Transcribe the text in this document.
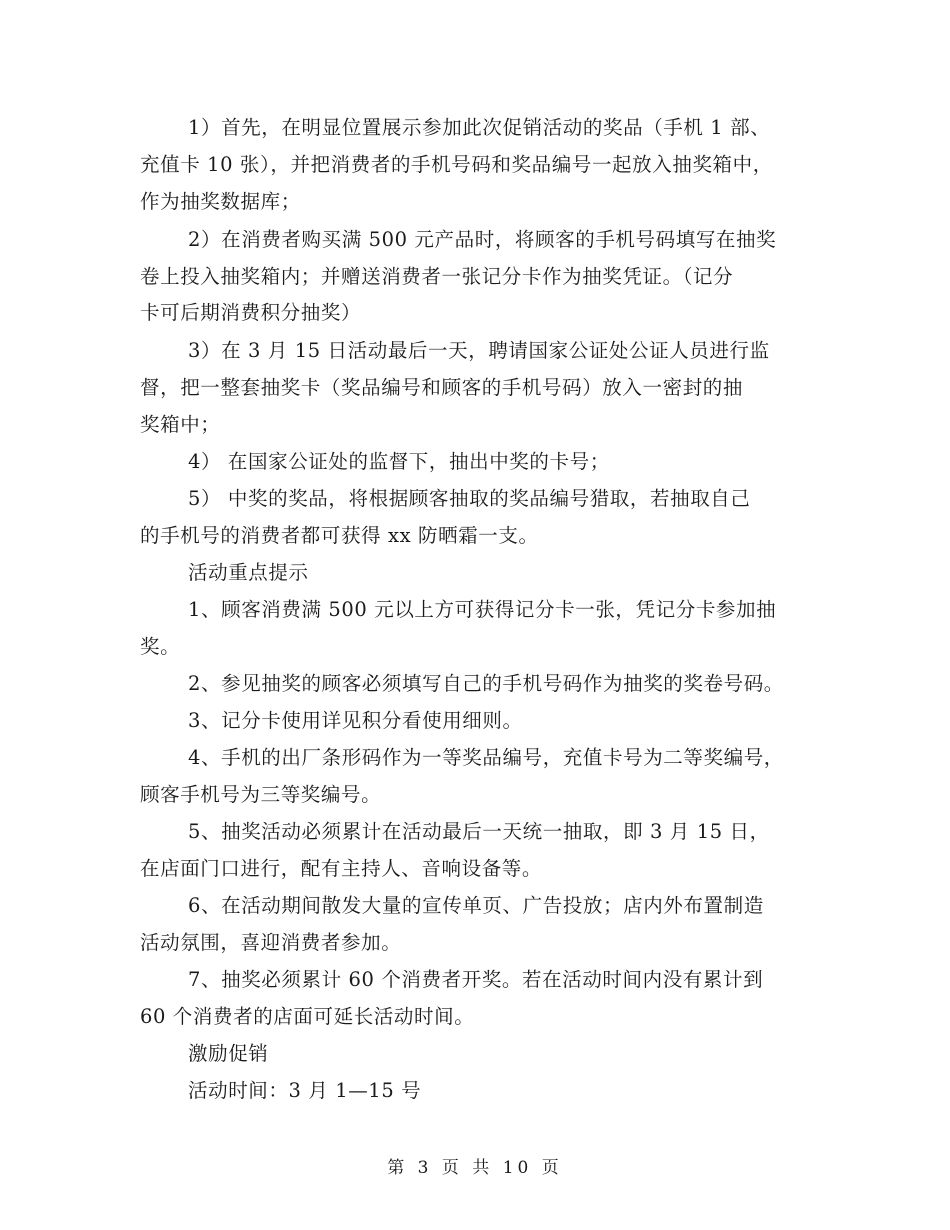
1）首先，在明显位置展示参加此次促销活动的奖品（手机 1 部、
充值卡 10 张），并把消费者的手机号码和奖品编号一起放入抽奖箱中，
作为抽奖数据库；
2）在消费者购买满 500 元产品时，将顾客的手机号码填写在抽奖
卷上投入抽奖箱内；并赠送消费者一张记分卡作为抽奖凭证。（记分
卡可后期消费积分抽奖）
3）在 3 月 15 日活动最后一天，聘请国家公证处公证人员进行监
督，把一整套抽奖卡（奖品编号和顾客的手机号码）放入一密封的抽
奖箱中；
4） 在国家公证处的监督下，抽出中奖的卡号；
5） 中奖的奖品，将根据顾客抽取的奖品编号猎取，若抽取自己
的手机号的消费者都可获得 xx 防晒霜一支。
活动重点提示
1、顾客消费满 500 元以上方可获得记分卡一张，凭记分卡参加抽
奖。
2、参见抽奖的顾客必须填写自己的手机号码作为抽奖的奖卷号码。
3、记分卡使用详见积分看使用细则。
4、手机的出厂条形码作为一等奖品编号，充值卡号为二等奖编号，
顾客手机号为三等奖编号。
5、抽奖活动必须累计在活动最后一天统一抽取，即 3 月 15 日，
在店面门口进行，配有主持人、音响设备等。
6、在活动期间散发大量的宣传单页、广告投放；店内外布置制造
活动氛围，喜迎消费者参加。
7、抽奖必须累计 60 个消费者开奖。若在活动时间内没有累计到
60 个消费者的店面可延长活动时间。
激励促销
活动时间：3 月 1—15 号
第 3 页 共 10 页
